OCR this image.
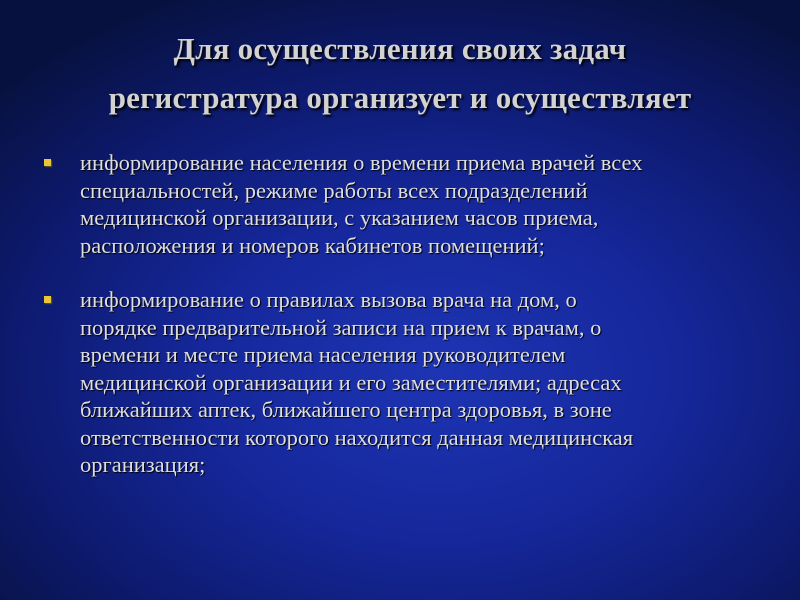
Для осуществления своих задач
регистратура организует и осуществляет
информирование населения о времени приема врачей всех
специальностей, режиме работы всех подразделений
медицинской организации, с указанием часов приема,
расположения и номеров кабинетов помещений;
информирование о правилах вызова врача на дом, о
порядке предварительной записи на прием к врачам, о
времени и месте приема населения руководителем
медицинской организации и его заместителями; адресах
ближайших аптек, ближайшего центра здоровья, в зоне
ответственности которого находится данная медицинская
организация;
